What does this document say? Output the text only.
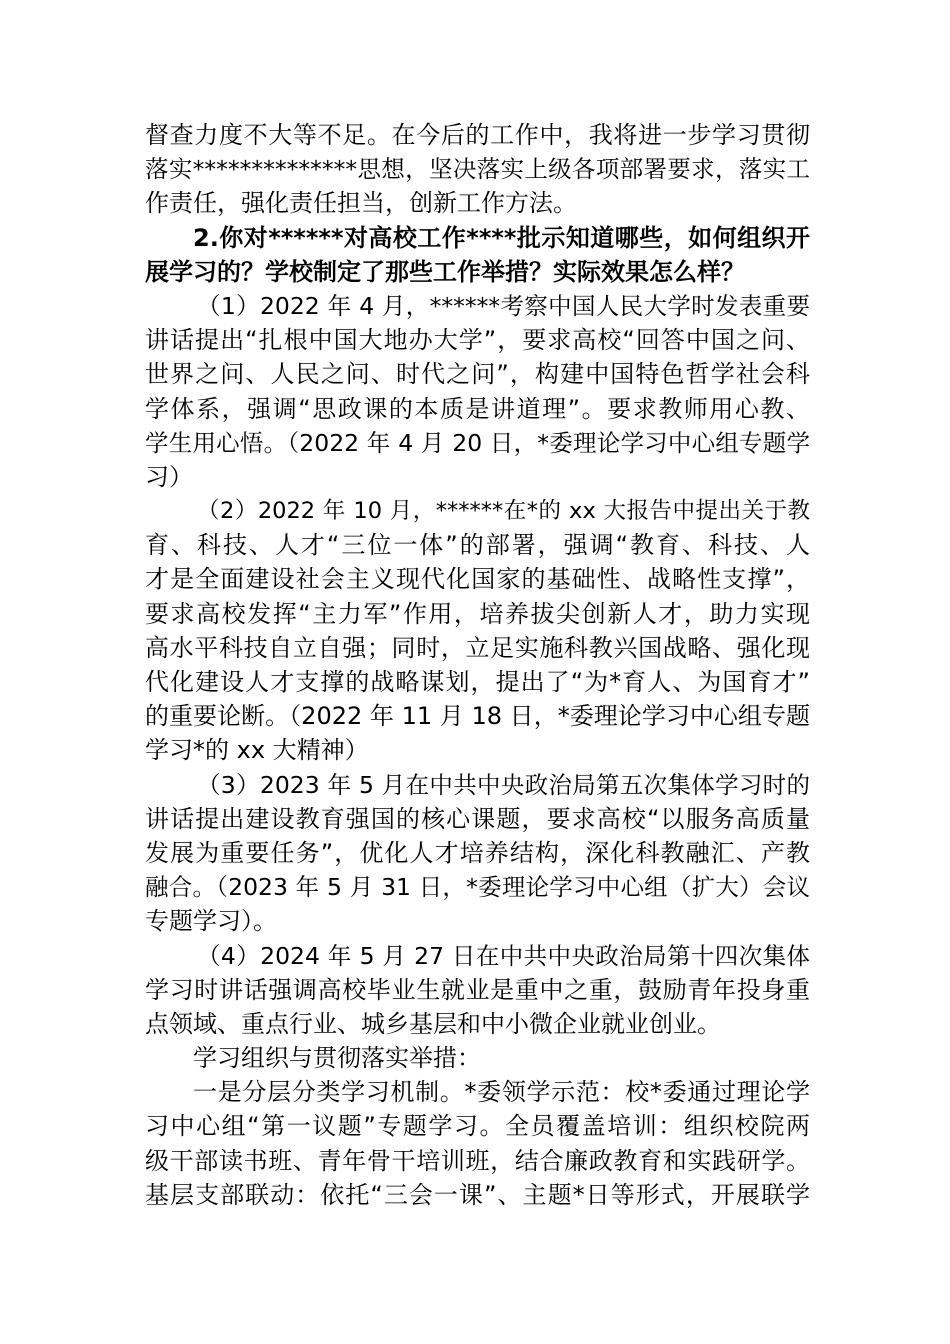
督查力度不大等不足。在今后的工作中，我将进一步学习贯彻
落实**************思想，坚决落实上级各项部署要求，落实工
作责任，强化责任担当，创新工作方法。
2.你对******对高校工作****批示知道哪些，如何组织开
展学习的？学校制定了那些工作举措？实际效果怎么样？
（1）2022 年 4 月，******考察中国人民大学时发表重要
讲话提出“扎根中国大地办大学”，要求高校“回答中国之问、
世界之问、人民之问、时代之问”，构建中国特色哲学社会科
学体系，强调“思政课的本质是讲道理”。要求教师用心教、
学生用心悟。（2022 年 4 月 20 日，*委理论学习中心组专题学
习）
（2）2022 年 10 月，******在*的 xx 大报告中提出关于教
育、科技、人才“三位一体”的部署，强调“教育、科技、人
才是全面建设社会主义现代化国家的基础性、战略性支撑”，
要求高校发挥“主力军”作用，培养拔尖创新人才，助力实现
高水平科技自立自强；同时，立足实施科教兴国战略、强化现
代化建设人才支撑的战略谋划，提出了“为*育人、为国育才”
的重要论断。（2022 年 11 月 18 日，*委理论学习中心组专题
学习*的 xx 大精神）
（3）2023 年 5 月在中共中央政治局第五次集体学习时的
讲话提出建设教育强国的核心课题，要求高校“以服务高质量
发展为重要任务”，优化人才培养结构，深化科教融汇、产教
融合。（2023 年 5 月 31 日，*委理论学习中心组（扩大）会议
专题学习）。
（4）2024 年 5 月 27 日在中共中央政治局第十四次集体
学习时讲话强调高校毕业生就业是重中之重，鼓励青年投身重
点领域、重点行业、城乡基层和中小微企业就业创业。
学习组织与贯彻落实举措：
一是分层分类学习机制。*委领学示范：校*委通过理论学
习中心组“第一议题”专题学习。全员覆盖培训：组织校院两
级干部读书班、青年骨干培训班，结合廉政教育和实践研学。
基层支部联动：依托“三会一课”、主题*日等形式，开展联学
